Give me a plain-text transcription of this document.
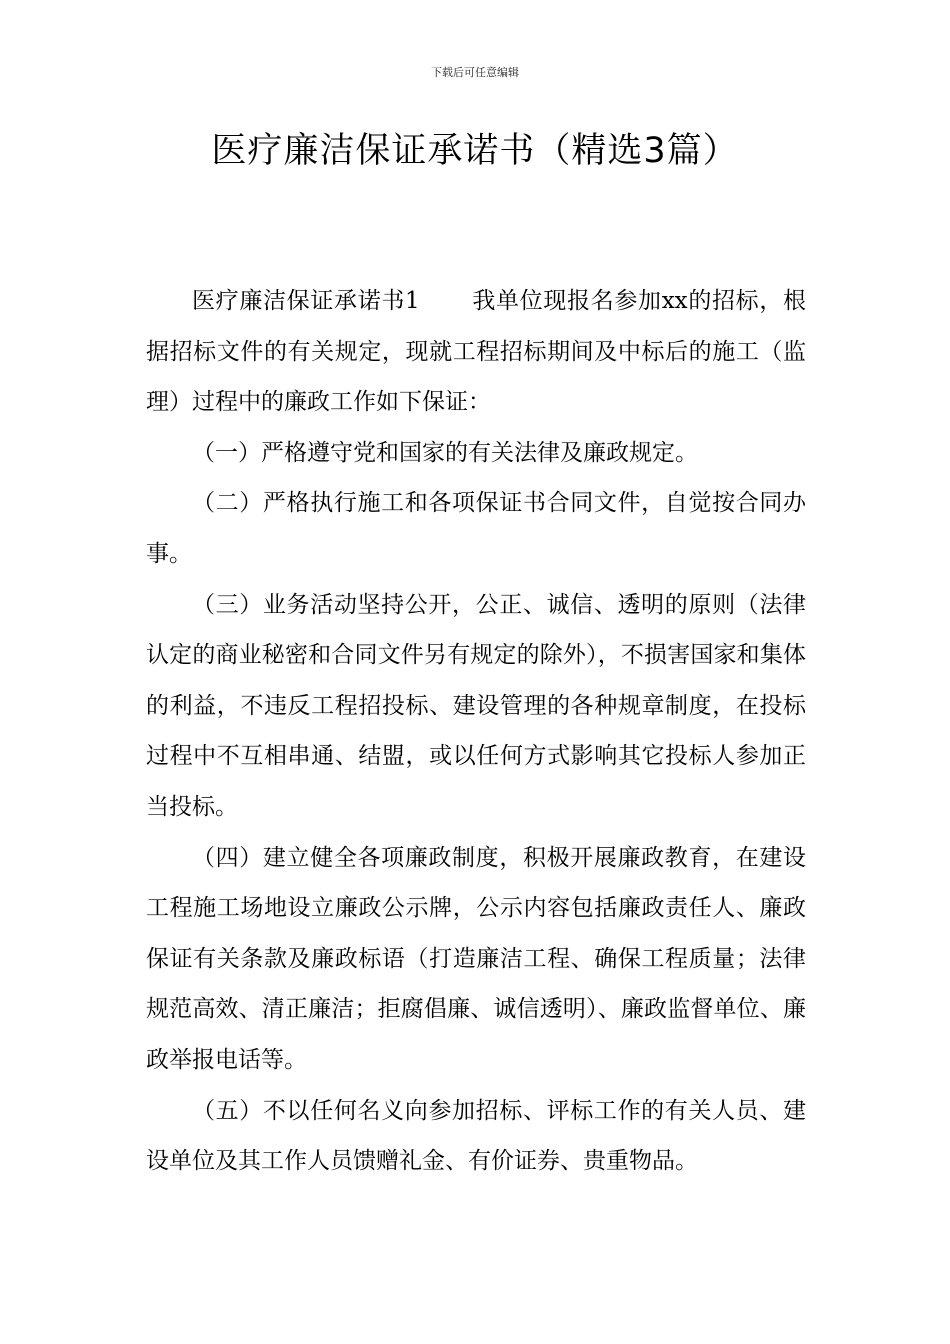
下载后可任意编辑
医疗廉洁保证承诺书（精选3篇）

医疗廉洁保证承诺书1 我单位现报名参加xx的招标，根据招标文件的有关规定，现就工程招标期间及中标后的施工（监理）过程中的廉政工作如下保证：

（一）严格遵守党和国家的有关法律及廉政规定。

（二）严格执行施工和各项保证书合同文件，自觉按合同办事。

（三）业务活动坚持公开，公正、诚信、透明的原则（法律认定的商业秘密和合同文件另有规定的除外），不损害国家和集体的利益，不违反工程招投标、建设管理的各种规章制度，在投标过程中不互相串通、结盟，或以任何方式影响其它投标人参加正当投标。

（四）建立健全各项廉政制度，积极开展廉政教育，在建设工程施工场地设立廉政公示牌，公示内容包括廉政责任人、廉政保证有关条款及廉政标语（打造廉洁工程、确保工程质量；法律规范高效、清正廉洁；拒腐倡廉、诚信透明）、廉政监督单位、廉政举报电话等。

（五）不以任何名义向参加招标、评标工作的有关人员、建设单位及其工作人员馈赠礼金、有价证券、贵重物品。
